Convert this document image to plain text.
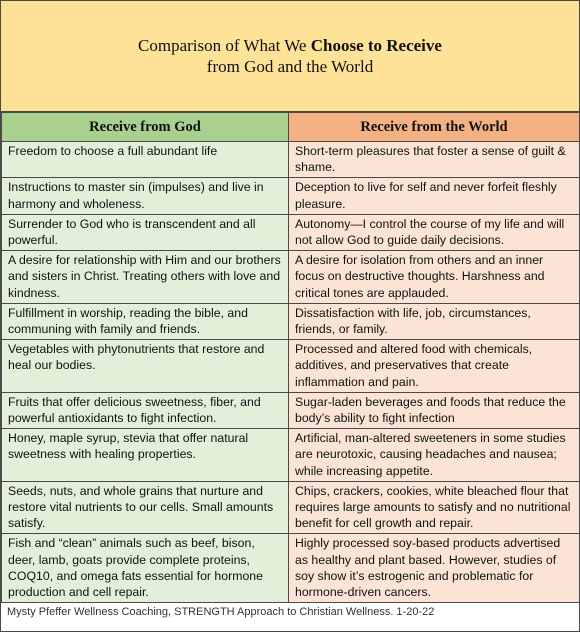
Comparison of What We Choose to Receive
from God and the World
Receive from God	Receive from the World
Freedom to choose a full abundant life	Short-term pleasures that foster a sense of guilt & shame.
Instructions to master sin (impulses) and live in harmony and wholeness.	Deception to live for self and never forfeit fleshly pleasure.
Surrender to God who is transcendent and all powerful.	Autonomy—I control the course of my life and will not allow God to guide daily decisions.
A desire for relationship with Him and our brothers and sisters in Christ. Treating others with love and kindness.	A desire for isolation from others and an inner focus on destructive thoughts. Harshness and critical tones are applauded.
Fulfillment in worship, reading the bible, and communing with family and friends.	Dissatisfaction with life, job, circumstances, friends, or family.
Vegetables with phytonutrients that restore and heal our bodies.	Processed and altered food with chemicals, additives, and preservatives that create inflammation and pain.
Fruits that offer delicious sweetness, fiber, and powerful antioxidants to fight infection.	Sugar-laden beverages and foods that reduce the body’s ability to fight infection
Honey, maple syrup, stevia that offer natural sweetness with healing properties.	Artificial, man-altered sweeteners in some studies are neurotoxic, causing headaches and nausea; while increasing appetite.
Seeds, nuts, and whole grains that nurture and restore vital nutrients to our cells. Small amounts satisfy.	Chips, crackers, cookies, white bleached flour that requires large amounts to satisfy and no nutritional benefit for cell growth and repair.
Fish and “clean” animals such as beef, bison, deer, lamb, goats provide complete proteins, COQ10, and omega fats essential for hormone production and cell repair.	Highly processed soy-based products advertised as healthy and plant based. However, studies of soy show it’s estrogenic and problematic for hormone-driven cancers.
Mysty Pfeffer Wellness Coaching, STRENGTH Approach to Christian Wellness. 1-20-22
